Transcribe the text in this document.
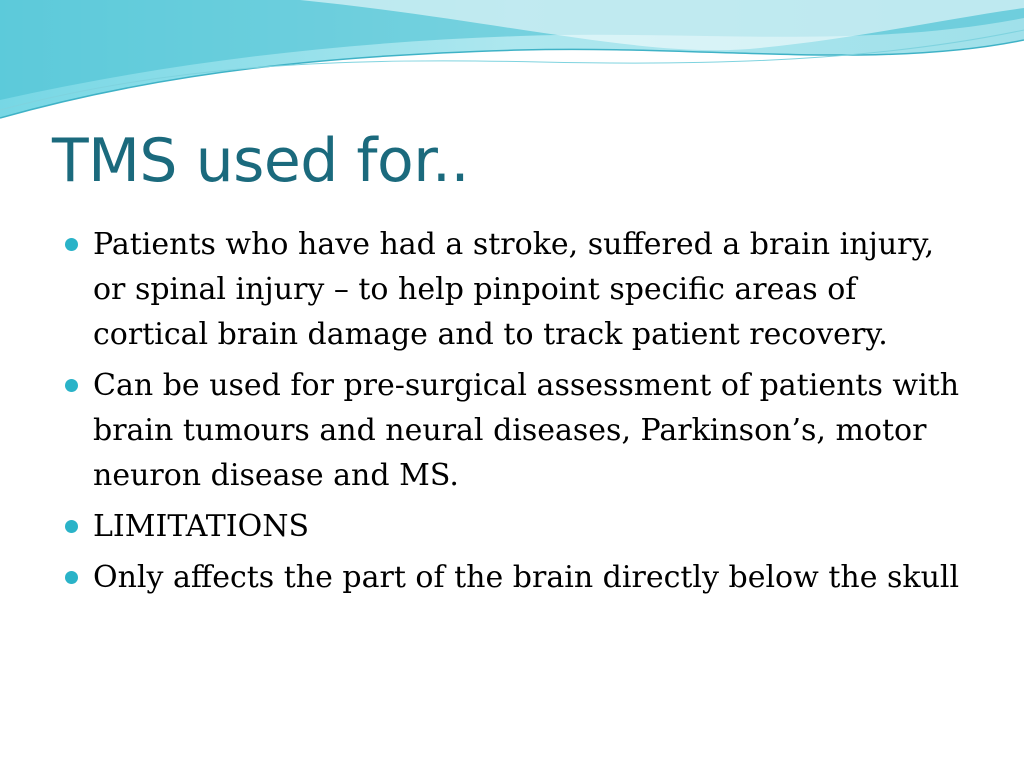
TMS used for..
Patients who have had a stroke, suffered a brain injury, or spinal injury – to help pinpoint specific areas of cortical brain damage and to track patient recovery.
Can be used for pre-surgical assessment of patients with brain tumours and neural diseases, Parkinson’s, motor neuron disease and MS.
LIMITATIONS
Only affects the part of the brain directly below the skull
